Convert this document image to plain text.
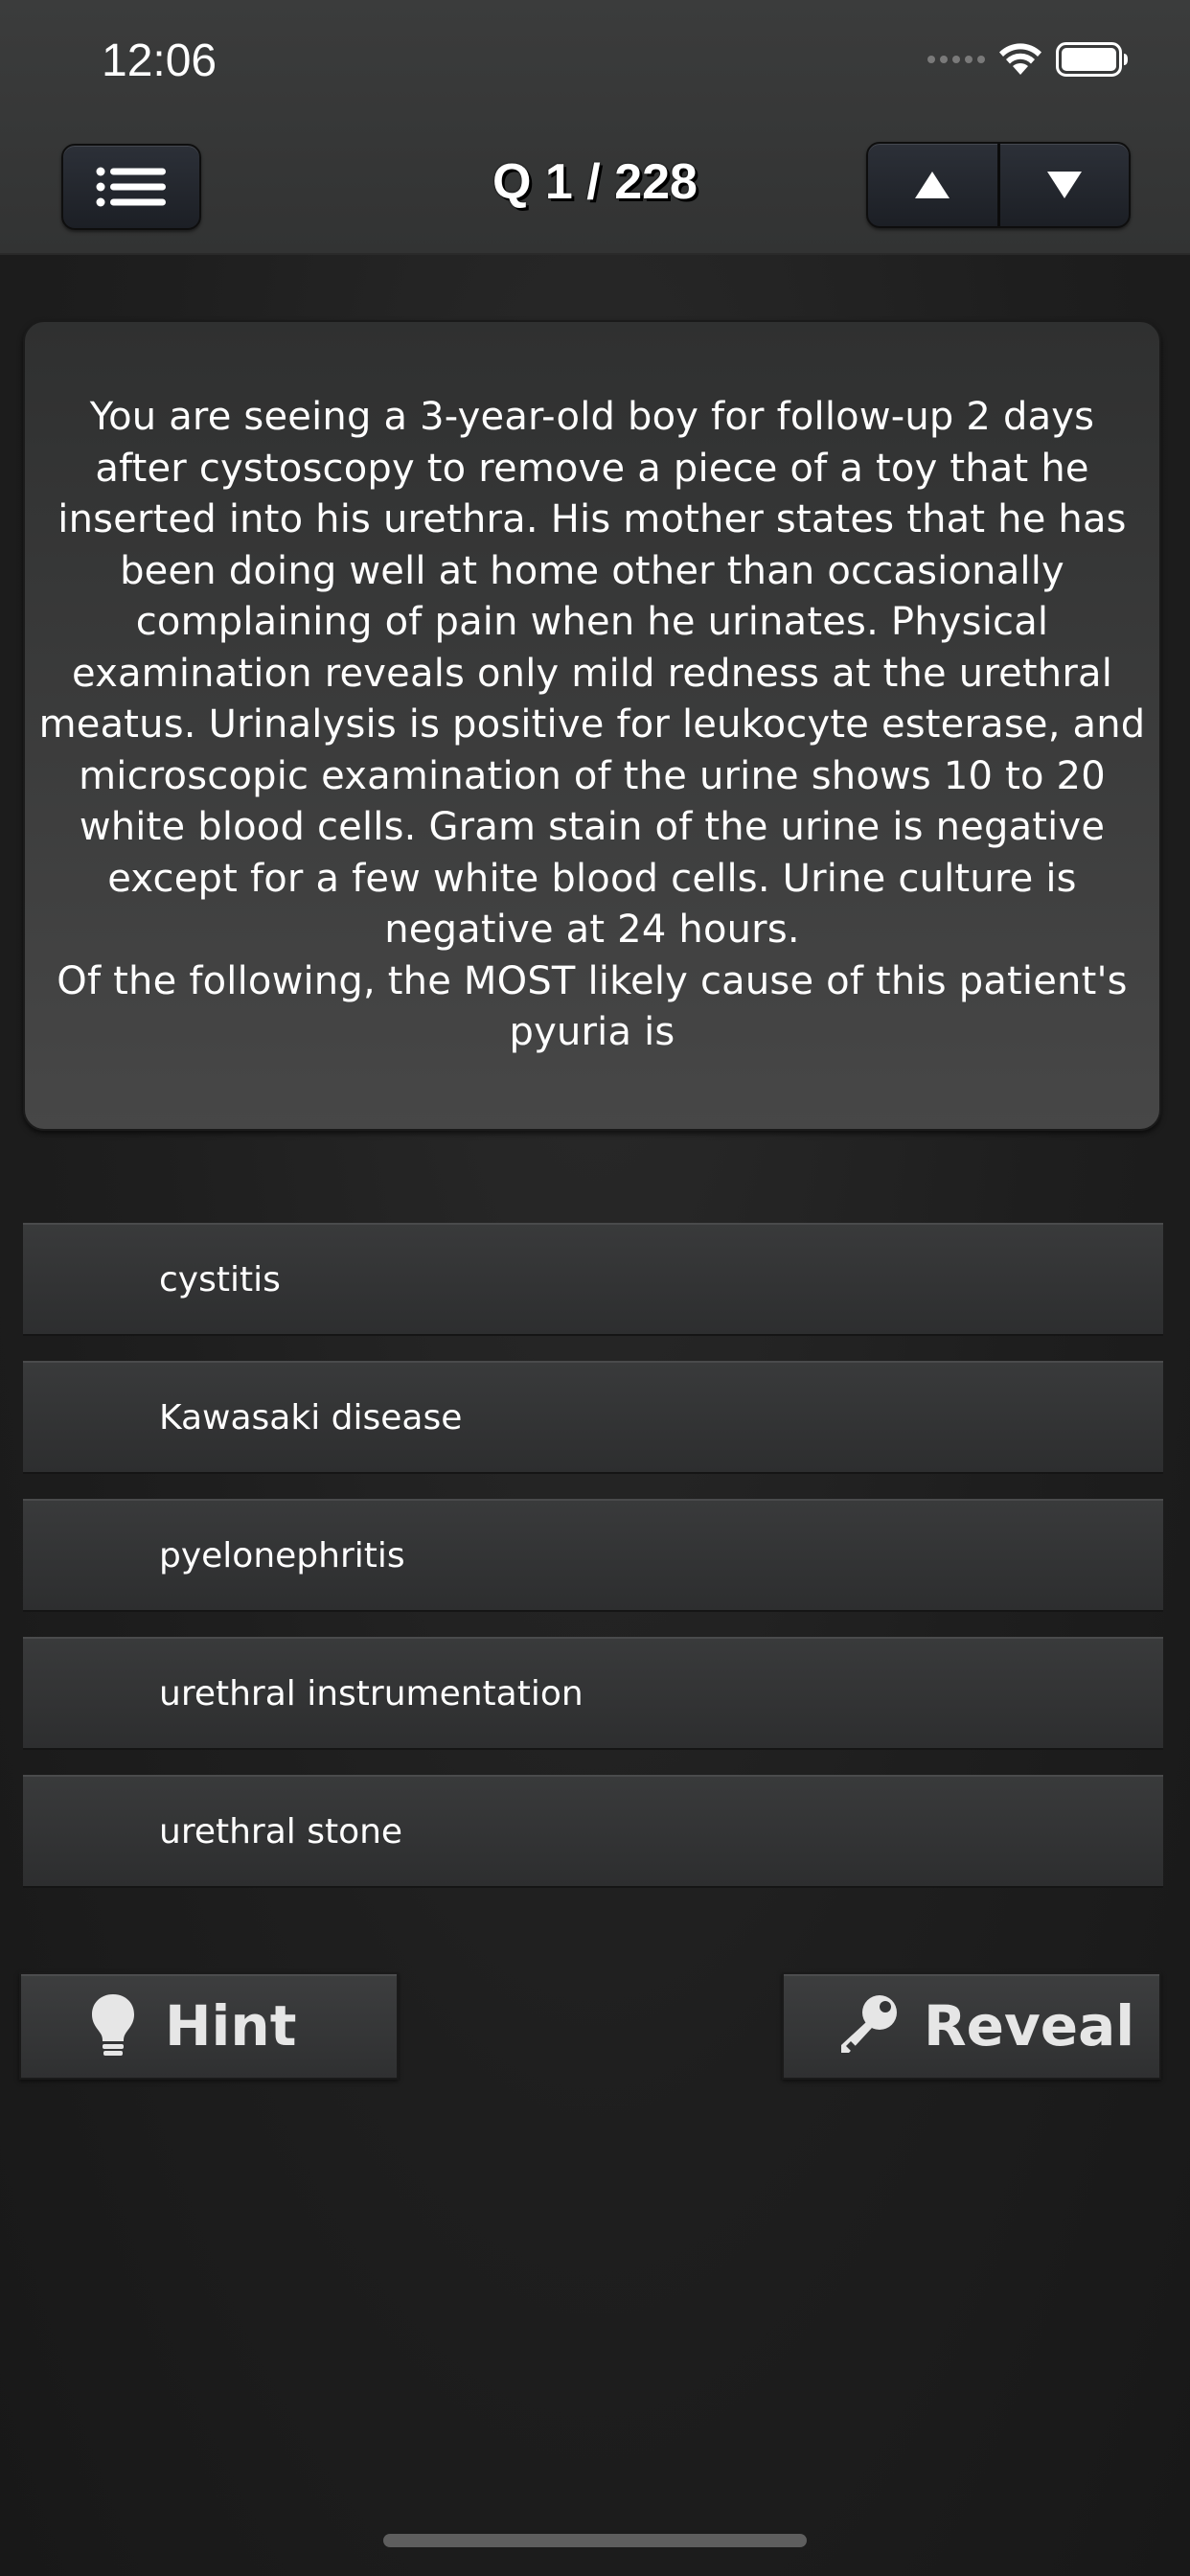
12:06
Q 1 / 228
You are seeing a 3-year-old boy for follow-up 2 days after cystoscopy to remove a piece of a toy that he inserted into his urethra. His mother states that he has been doing well at home other than occasionally complaining of pain when he urinates. Physical examination reveals only mild redness at the urethral meatus. Urinalysis is positive for leukocyte esterase, and microscopic examination of the urine shows 10 to 20 white blood cells. Gram stain of the urine is negative except for a few white blood cells. Urine culture is negative at 24 hours.
Of the following, the MOST likely cause of this patient's pyuria is
cystitis
Kawasaki disease
pyelonephritis
urethral instrumentation
urethral stone
Hint	Reveal
